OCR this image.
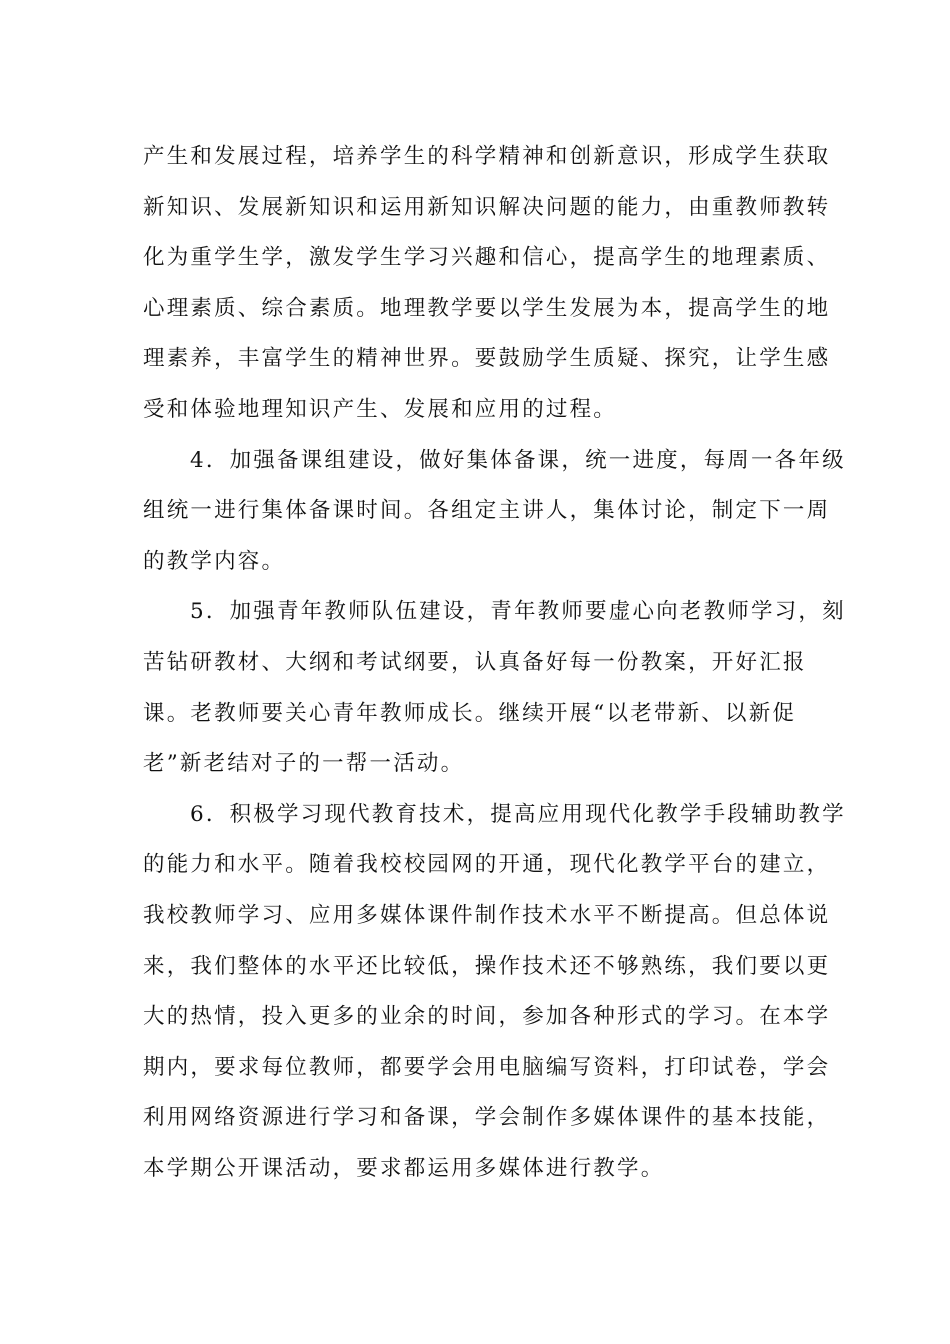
产生和发展过程，培养学生的科学精神和创新意识，形成学生获取
新知识、发展新知识和运用新知识解决问题的能力，由重教师教转
化为重学生学，激发学生学习兴趣和信心，提高学生的地理素质、
心理素质、综合素质。地理教学要以学生发展为本，提高学生的地
理素养，丰富学生的精神世界。要鼓励学生质疑、探究，让学生感
受和体验地理知识产生、发展和应用的过程。
4．加强备课组建设，做好集体备课，统一进度，每周一各年级
组统一进行集体备课时间。各组定主讲人，集体讨论，制定下一周
的教学内容。
5．加强青年教师队伍建设，青年教师要虚心向老教师学习，刻
苦钻研教材、大纲和考试纲要，认真备好每一份教案，开好汇报
课。老教师要关心青年教师成长。继续开展“以老带新、以新促
老”新老结对子的一帮一活动。
6．积极学习现代教育技术，提高应用现代化教学手段辅助教学
的能力和水平。随着我校校园网的开通，现代化教学平台的建立，
我校教师学习、应用多媒体课件制作技术水平不断提高。但总体说
来，我们整体的水平还比较低，操作技术还不够熟练，我们要以更
大的热情，投入更多的业余的时间，参加各种形式的学习。在本学
期内，要求每位教师，都要学会用电脑编写资料，打印试卷，学会
利用网络资源进行学习和备课，学会制作多媒体课件的基本技能，
本学期公开课活动，要求都运用多媒体进行教学。
